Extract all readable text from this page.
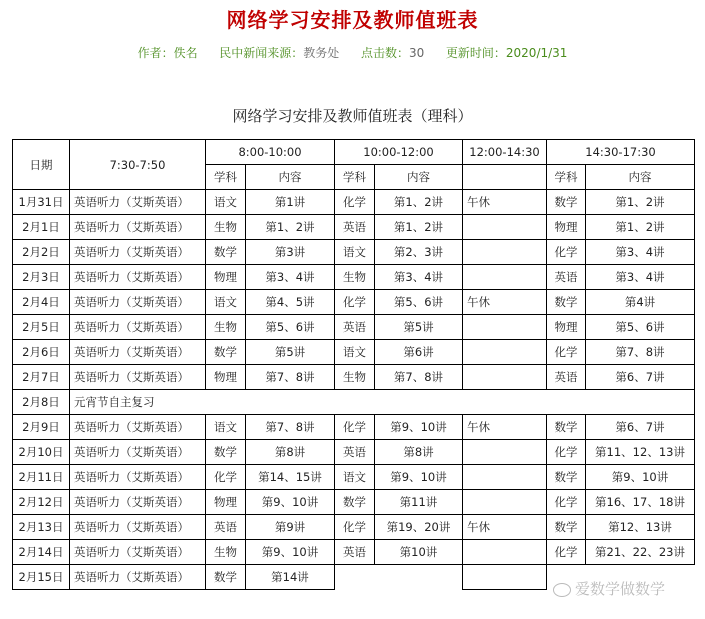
网络学习安排及教师值班表
作者：佚名 民中新闻来源：教务处 点击数：30 更新时间：2020/1/31
网络学习安排及教师值班表（理科）
日期	7:30-7:50	8:00-10:00		10:00-12:00		12:00-14:30	14:30-17:30	
		学科	内容	学科	内容		学科	内容
1月31日	英语听力（艾斯英语）	语文	第1讲	化学	第1、2讲	午休	数学	第1、2讲
2月1日	英语听力（艾斯英语）	生物	第1、2讲	英语	第1、2讲		物理	第1、2讲
2月2日	英语听力（艾斯英语）	数学	第3讲	语文	第2、3讲		化学	第3、4讲
2月3日	英语听力（艾斯英语）	物理	第3、4讲	生物	第3、4讲		英语	第3、4讲
2月4日	英语听力（艾斯英语）	语文	第4、5讲	化学	第5、6讲	午休	数学	第4讲
2月5日	英语听力（艾斯英语）	生物	第5、6讲	英语	第5讲		物理	第5、6讲
2月6日	英语听力（艾斯英语）	数学	第5讲	语文	第6讲		化学	第7、8讲
2月7日	英语听力（艾斯英语）	物理	第7、8讲	生物	第7、8讲		英语	第6、7讲
2月8日	元宵节自主复习							
2月9日	英语听力（艾斯英语）	语文	第7、8讲	化学	第9、10讲	午休	数学	第6、7讲
2月10日	英语听力（艾斯英语）	数学	第8讲	英语	第8讲		化学	第11、12、13讲
2月11日	英语听力（艾斯英语）	化学	第14、15讲	语文	第9、10讲		数学	第9、10讲
2月12日	英语听力（艾斯英语）	物理	第9、10讲	数学	第11讲		化学	第16、17、18讲
2月13日	英语听力（艾斯英语）	英语	第9讲	化学	第19、20讲	午休	数学	第12、13讲
2月14日	英语听力（艾斯英语）	生物	第9、10讲	英语	第10讲		化学	第21、22、23讲
2月15日	英语听力（艾斯英语）	数学	第14讲					
爱数学做数学
